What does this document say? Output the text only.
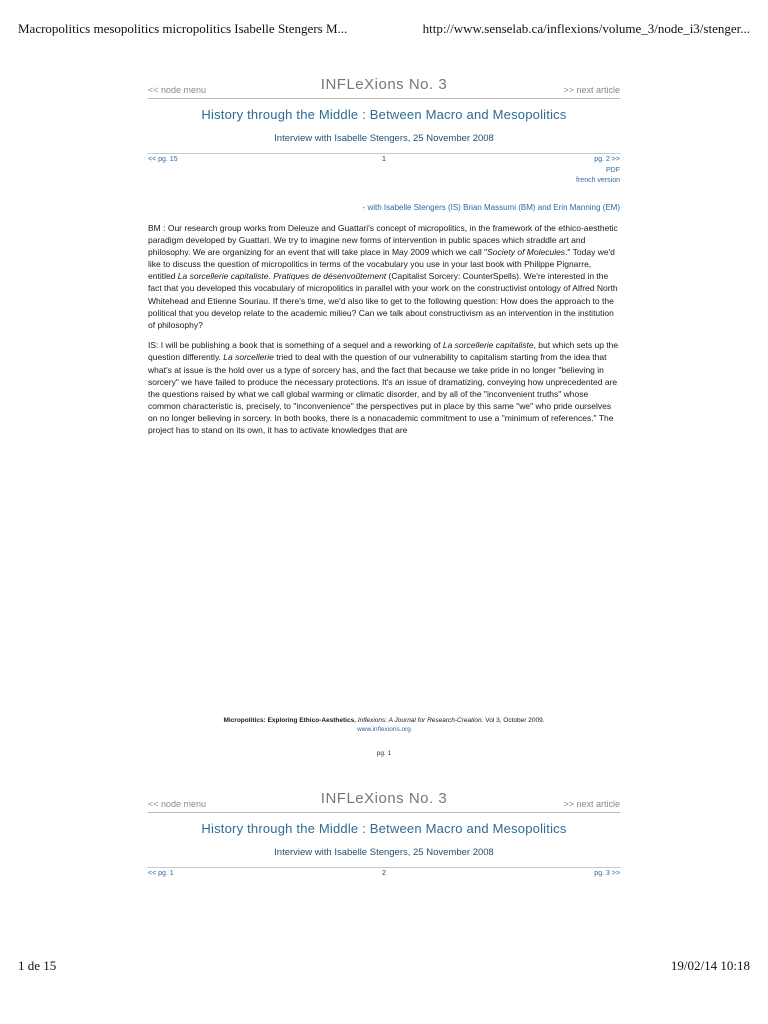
Macropolitics mesopolitics micropolitics Isabelle Stengers M...	http://www.senselab.ca/inflexions/volume_3/node_i3/stenger...
<< node menu	INFLeXions No. 3	>> next article
History through the Middle : Between Macro and Mesopolitics
Interview with Isabelle Stengers, 25 November 2008
<< pg. 15	1	pg. 2 >>
PDF
french version
- with Isabelle Stengers (IS) Brian Massumi (BM) and Erin Manning (EM)

BM : Our research group works from Deleuze and Guattari's concept of micropolitics, in the framework of the ethico-aesthetic paradigm developed by Guattari. We try to imagine new forms of intervention in public spaces which straddle art and philosophy. We are organizing for an event that will take place in May 2009 which we call "Society of Molecules." Today we'd like to discuss the question of micropolitics in terms of the vocabulary you use in your last book with Philippe Pignarre, entitled La sorcellerie capitaliste. Pratiques de désenvoûtement (Capitalist Sorcery: CounterSpells). We're interested in the fact that you developed this vocabulary of micropolitics in parallel with your work on the constructivist ontology of Alfred North Whitehead and Etienne Souriau. If there's time, we'd also like to get to the following question: How does the approach to the political that you develop relate to the academic milieu? Can we talk about constructivism as an intervention in the institution of philosophy?

IS: I will be publishing a book that is something of a sequel and a reworking of La sorcellerie capitaliste, but which sets up the question differently. La sorcellerie tried to deal with the question of our vulnerability to capitalism starting from the idea that what's at issue is the hold over us a type of sorcery has, and the fact that because we take pride in no longer "believing in sorcery" we have failed to produce the necessary protections. It's an issue of dramatizing, conveying how unprecedented are the questions raised by what we call global warming or climatic disorder, and by all of the "inconvenient truths" whose common characteristic is, precisely, to "inconvenience" the perspectives put in place by this same "we" who pride ourselves on no longer believing in sorcery. In both books, there is a nonacademic commitment to use a "minimum of references." The project has to stand on its own, it has to activate knowledges that are

Micropolitics: Exploring Ethico-Aesthetics. Inflexions: A Journal for Research-Creation. Vol 3, October 2009.
www.inflexions.org
pg. 1
<< node menu	INFLeXions No. 3	>> next article
History through the Middle : Between Macro and Mesopolitics
Interview with Isabelle Stengers, 25 November 2008
<< pg. 1	2	pg. 3 >>
1 de 15	19/02/14 10:18
